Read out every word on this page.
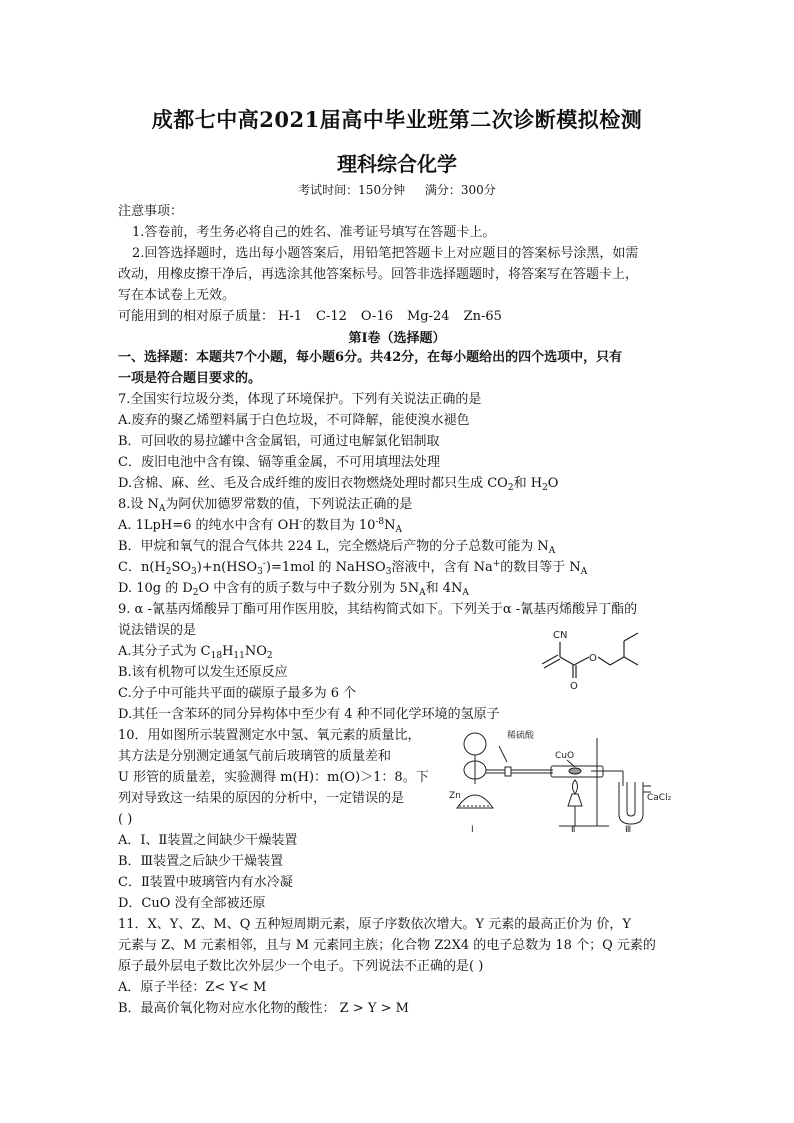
成都七中高2021届高中毕业班第二次诊断模拟检测
理科综合化学
考试时间：150分钟 满分：300分
注意事项：
1.答卷前，考生务必将自己的姓名、准考证号填写在答题卡上。
2.回答选择题时，选出每小题答案后，用铅笔把答题卡上对应题目的答案标号涂黑，如需
改动，用橡皮擦干净后，再选涂其他答案标号。回答非选择题题时，将答案写在答题卡上，
写在本试卷上无效。
可能用到的相对原子质量： H-1 C-12 O-16 Mg-24 Zn-65
第Ⅰ卷（选择题）
一、选择题：本题共7个小题，每小题6分。共42分，在每小题给出的四个选项中，只有
一项是符合题目要求的。
7.全国实行垃圾分类，体现了环境保护。下列有关说法正确的是
A.废弃的聚乙烯塑料属于白色垃圾，不可降解，能使溴水褪色
B．可回收的易拉罐中含金属铝，可通过电解氯化铝制取
C．废旧电池中含有镍、镉等重金属，不可用填埋法处理
D.含棉、麻、丝、毛及合成纤维的废旧衣物燃烧处理时都只生成 $CO_2$和 $H_2O$
8.设 $N_A$为阿伏加德罗常数的值，下列说法正确的是
A. 1LpH=6 的纯水中含有 OH-的数目为 $10^{-8}N_A$
B．甲烷和氧气的混合气体共 224 L，完全燃烧后产物的分子总数可能为 $N_A$
C．$n(H_2SO_3)+n(HSO_3^-)=1mol$ 的 NaHSO$_3$溶液中，含有 Na+的数目等于 $N_A$
D. 10g 的 $D_2O$ 中含有的质子数与中子数分别为 $5N_A$和 $4N_A$
9. α -氰基丙烯酸异丁酯可用作医用胶，其结构简式如下。下列关于α -氰基丙烯酸异丁酯的
说法错误的是
A.其分子式为 $C_{18}H_{11}NO_2$
B.该有机物可以发生还原反应
C.分子中可能共平面的碳原子最多为 6 个
D.其任一含苯环的同分异构体中至少有 4 种不同化学环境的氢原子
CN
O
O
10．用如图所示装置测定水中氢、氧元素的质量比，
其方法是分别测定通氢气前后玻璃管的质量差和
U 形管的质量差，实验测得 m(H)：m(O)＞1：8。下
列对导致这一结果的原因的分析中，一定错误的是
( )
A．Ⅰ、Ⅱ装置之间缺少干燥装置
B．Ⅲ装置之后缺少干燥装置
C．Ⅱ装置中玻璃管内有水冷凝
D．CuO 没有全部被还原
稀硫酸
CuO
Zn	CaCl₂
Ⅰ	Ⅱ	Ⅲ
11．X、Y、Z、M、Q 五种短周期元素，原子序数依次增大。Y 元素的最高正价为 价，Y
元素与 Z、M 元素相邻，且与 M 元素同主族；化合物 Z2X4 的电子总数为 18 个；Q 元素的
原子最外层电子数比次外层少一个电子。下列说法不正确的是( )
A．原子半径：Z< Y< M
B．最高价氧化物对应水化物的酸性： Z > Y > M
